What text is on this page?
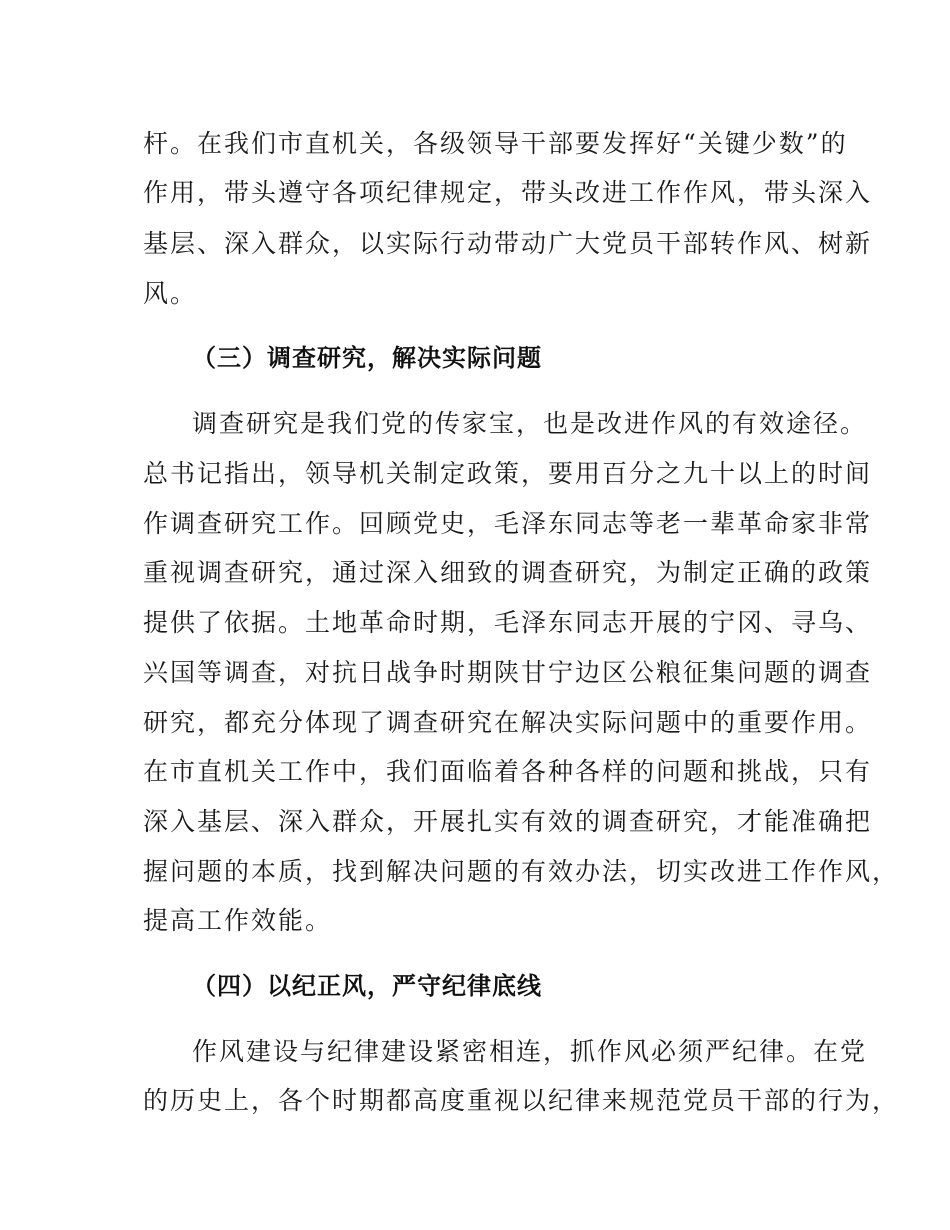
杆。在我们市直机关，各级领导干部要发挥好“关键少数”的
作用，带头遵守各项纪律规定，带头改进工作作风，带头深入
基层、深入群众，以实际行动带动广大党员干部转作风、树新
风。
（三）调查研究，解决实际问题
调查研究是我们党的传家宝，也是改进作风的有效途径。
总书记指出，领导机关制定政策，要用百分之九十以上的时间
作调查研究工作。回顾党史，毛泽东同志等老一辈革命家非常
重视调查研究，通过深入细致的调查研究，为制定正确的政策
提供了依据。土地革命时期，毛泽东同志开展的宁冈、寻乌、
兴国等调查，对抗日战争时期陕甘宁边区公粮征集问题的调查
研究，都充分体现了调查研究在解决实际问题中的重要作用。
在市直机关工作中，我们面临着各种各样的问题和挑战，只有
深入基层、深入群众，开展扎实有效的调查研究，才能准确把
握问题的本质，找到解决问题的有效办法，切实改进工作作风，
提高工作效能。
（四）以纪正风，严守纪律底线
作风建设与纪律建设紧密相连，抓作风必须严纪律。在党
的历史上，各个时期都高度重视以纪律来规范党员干部的行为，
